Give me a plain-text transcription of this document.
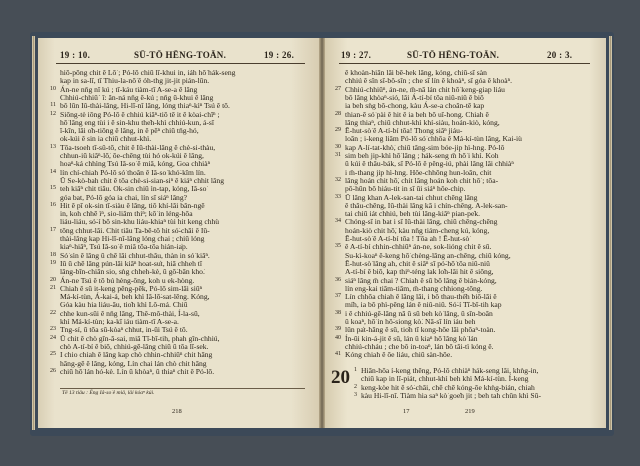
19 : 10.	SŪ-TŌ HĒNG-TOĀN.	19 : 26.
hiō-pōng chit ê Lō͘ ; Pó-lō chiū lī-khui in, iáh hō͘ hák-seng
kap in sa-lī, tī Thiu-la-nō͘ ê óh-thg jit-jit pián-lūn.
10 Án-ne nn̄g nî kú ; tī-káu tiàm-tī A-se-a ê lâng
Chhiú-chhiū˙ ĭ: ăn-ná nn̄g ē-kú ; nn̄g ū-khui ê lâng
11 bô lūn Iû-thài-lâng, Hi-lī-nî lâng, lóng thiaⁿ-kìⁿ Tsú ê tō.
12 Siōng-tè iōng Pó-lō ê chhiú kiâⁿ-tiō tē it ê kòai-chīⁿ ;
hō͘ lâng eng tùi i ê sin-khu the̍h-khì chhiú-kun, á-sī
î-kīn, lâi o̍h-tiōng ê lâng, in ê pēⁿ chiū tn̄g-hó,
ok-kúi ê sin ia chiū chhut-khì.
13 Tōa-tsoeh tī-sû-tō, chit ê Iû-thài-lâng ê chè-si-thàu,
chhun-iū kiâⁿ-lō͘, ōe-chēng tùi hó ok-kúi ê lâng,
hoaⁿ-ká chhìng Tsú Iâ-so͘ ê miâ, kóng, Goa chhiàⁿ
14 lín chí-chiah Pó-lō só͘ thoân ê Iâ-so͘ khó͘-kîm lín.
Ū Se-kò-bah chit ê tōa chè-si-sian-siⁿ ê kiáⁿ chhit lâng
15 teh kiâⁿ chit tiâu. Ok-sin chiū ìn-tap, kóng, Iâ-so͘
góa bat, Pó-lō góa ia chai, lín sī siáⁿ lâng?
16 Hit ê pī ok-sin tī-siàu ê lâng, tiô khí-lâi bân-ngē
in, koh chhē ìⁿ, sio-liâm thiⁿ; kō͘ in léng-hōa
liáu-liáu, só͘-í bô sin-khu liáu-khiaⁿ tùi hit keng chhù
17 tōng chhut-lâi. Chit tiâu Ta-bê-tô hit só͘-chāi ê Iû-
thài-lâng kap Hi-lī-nî-lâng lóng chai ; chiū lóng
kiaⁿ-hiâⁿ, Tsú Iâ-so͘ ê miâ tōa-tōa hián-ia̍p.
18 Só͘ sìn ê lâng ū chē lâi chhut-thâu, thàn in só͘ kiâⁿ.
19 Iū ū chē lâng pún-lâi kiâⁿ hoat-su̍t, hiā chheh tī
lâng-bīn-chiân sio, sǹg chheh-kè, ū gō͘-bān kho͘.
20 Án-ne Tsú ê tō bú hèng-ōng, koh u ek-hòng.
21 Chiah ê sū it-keng pêng-pēk, Pó-lō sim-lāi siūⁿ
Má-kí-tùn, Á-kai-á, beh khì Iâ-lō͘-sat-lēng. Kóng,
Góa kàu hia liáu-āu, tio̍h khì Lô-má. Chiū
22 chhe kun-sūi ê nn̄g lâng, Thê-mô-thài, Í-la-sū,
khì Má-kí-tùn; ka-kī iáu tiàm-tī A-se-a.
23 Tng-sí, ū tōa sū-kòaⁿ chhut, in-ūi Tsú ê tō.
24 Ū chit ê chò gîn-ā-sai, miâ Tī-bī-tih, phah gîn-chhiú,
chò A-tí-bí ê biō, chhiú-gē-lâng chiū ū tōa lī-sek.
25 I chio chiah ê lâng kap chò chhin-chhiūⁿ chit hāng
hāng-gē ê lâng, kóng, Lín chai lán chò chit hāng
26 chiū hō͘ lán hó-kè. Lín ū khòaⁿ, ū thiaⁿ chit ê Pó-lō.
Tē 13 tiâu : Ēng Iâ-so͘ ê miâ, lâi kóaⁿ kúi.
218
19 : 27.	SŪ-TŌ HĒNG-TOĀN.	20 : 3.
ê khoàn-hiān lâi bē-hek lâng, kóng, chiū-sī sàn
chhiú ê sîn sī-bô-sîn ; che sī lín ê khoàⁿ, sī góa ê khoàⁿ.
27 Chhiú-chhiūⁿ, án-ne, m̄-nā lán chit hō͘ keng-giap liáu
bô lâng khòaⁿ-sió, lâi Á-tí-bí tōa niû-niû ê biō
ia beh sǹg bô-chong, kàu Á-se-a choân-tē kap
28 thian-ē só͘ pài ê hit ê ia beh bô uî-hong. Chiah ê
lâng thiaⁿ, chiū chhut-khì khí-siàu, hoán-kiò, kóng,
29 Ē-hut-sò͘ ê A-tí-bí tōa! Thong siâⁿ jiáu-
loān ; i-keng liâm Pó-lō só͘ chhōa ê Má-kí-tùn lâng, Kai-iù
30 kap A-lí-tat-khò͘, chiū tâng-sim bóe-jip hì-hng. Pó-lô
31 sim beh jip-khì hō͘ lâng ; hák-seng m̄ hō͘ i khì. Koh
ū kúi ê thâu-bák, sī Pó-lō ê pêng-iú, phài lâng lâi chhiàⁿ
i m̄-thang jip hì-hng. Hôe-chhōng hun-loān, chit
32 lâng hoán chit hō͘, chit lâng hoán koh chit hō͘ ; tōa-
pō͘-hūn bô hiáu-tit in sī ūi siáⁿ hôe-chip.
33 Ū lâng khan A-lek-san-tai chhut chēng lâng
ê thâu-chêng, Iû-thài lâng kā i chín-chêng. A-lek-san-
tai chiū iát chhiú, beh tùi lâng-kiâⁿ pian-pe̍k.
34 Chóng-sī in bat i sī Iû-thài lâng, chiū chēng-chēng
hoán-kiò chit hō͘, kàu nn̄g tiám-cheng kú, kóng,
Ē-hut-sò͘ ê A-tí-bí tōa ! Tōa ah ! Ē-hut-sò͘
35 ê A-tí-bí chhin-chhiūⁿ án-ne, sok-lióng chit ê sū.
Su-kì-koaⁿ ê-keng hō͘ chèng-lâng an-chēng, chiū kóng,
Ē-hut-sò͘ lâng ah, chit ê siâⁿ sī pó͘-hō͘ tōa niû-niû
A-tí-bí ê biō, kap thiⁿ-téng lak lo̍h-lâi hit ê siōng,
36 siáⁿ lâng m̄ chai ? Chiah ê sū bô lâng ē bián-kóng,
lín eng-kai tiām-tiām, m̄-thang chhiong-tōng.
37 Lín chhōa chiah ê lâng lâi, i bô thau-thè̍h biō-lāi ê
mi̍h, ia bô phì-pêng lán ê niû-niû. Só͘-í Tī-bī-tih kap
38 i ê chhiú-gē-lâng nā ū sū beh kò͘ lâng, ū sīn-boān
ū koaⁿ, hō͘ in hō͘-siong kò͘. Nā-sī lín iáu beh
39 lūn pa̍t-hāng ê sū, tio̍h tī kong-hōe lāi phōaⁿ-toàn.
40 Ín-ūi kin-á-jit ê sū, lán ū kiaⁿ hō͘ lâng kò͘ lán
chhiú-chháu ; che bô in-toaⁿ, lán bô tâi-tì kóng ê.
41 Kóng chiah ê ōe liáu, chiū sàn-hōe.
20 1 Hiān-hōa í-keng thêng, Pó-lō chhiàⁿ hák-seng lâi, khǹg-in,
chiū kap in lī-piát, chhut-khì beh khì Má-kí-tùn. Í-keng
2 keng-kòe hit ê só͘-chāi, chē chē kóng-ōe khǹg-bián, chiah
3 kàu Hi-lī-nî. Tiàm hia saⁿ kò͘ goe̍h jit ; beh tah chûn khì Sū-
17	219
